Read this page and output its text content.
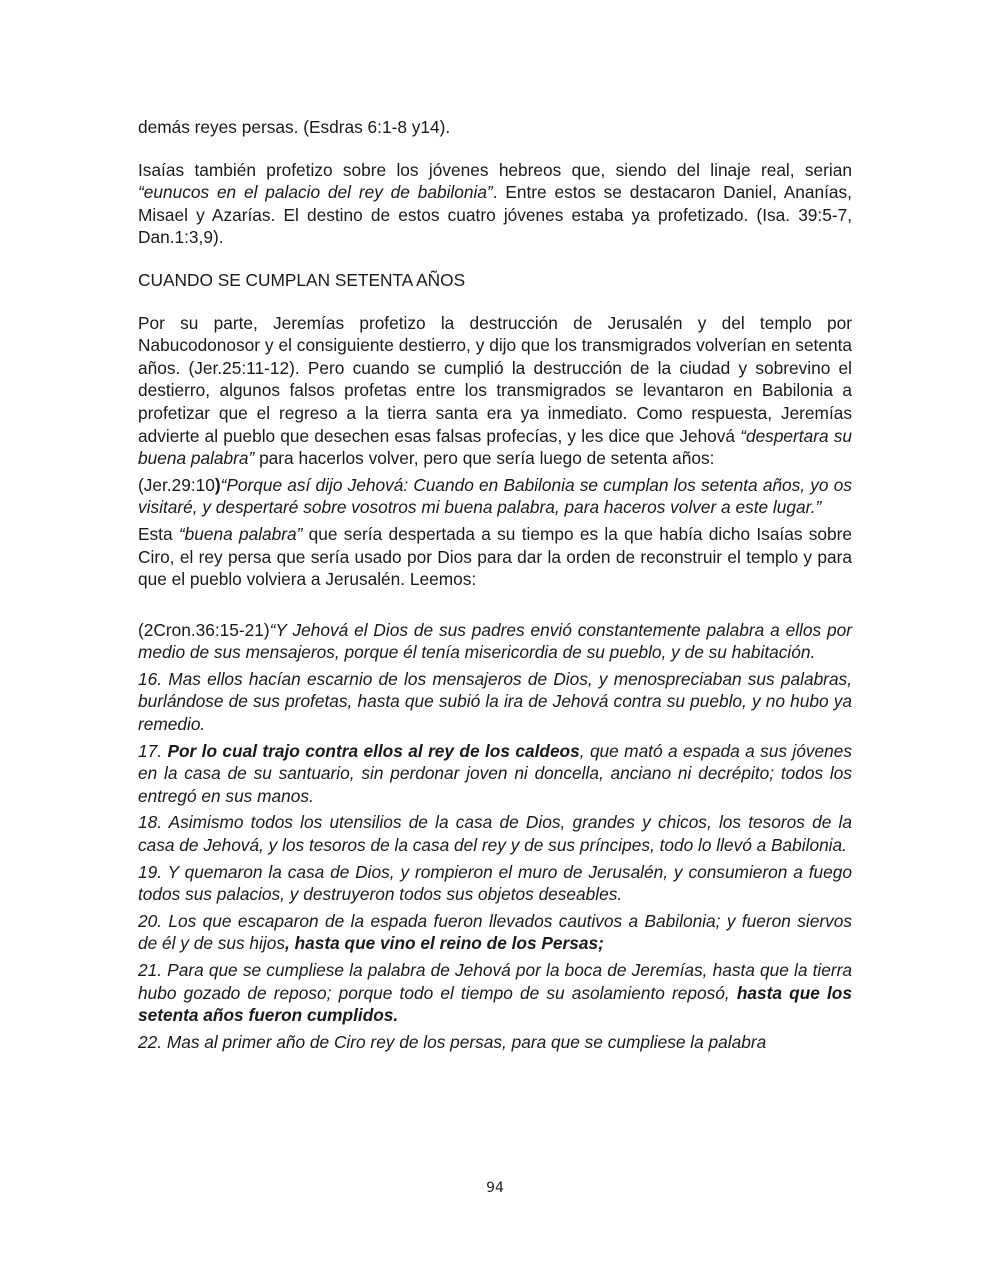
demás reyes persas. (Esdras 6:1-8 y14).

Isaías también profetizo sobre los jóvenes hebreos que, siendo del linaje real, serian “eunucos en el palacio del rey de babilonia”. Entre estos se destacaron Daniel, Ananías, Misael y Azarías. El destino de estos cuatro jóvenes estaba ya profetizado. (Isa. 39:5-7, Dan.1:3,9).

CUANDO SE CUMPLAN SETENTA AÑOS

Por su parte, Jeremías profetizo la destrucción de Jerusalén y del templo por Nabucodonosor y el consiguiente destierro, y dijo que los transmigrados volverían en setenta años. (Jer.25:11-12). Pero cuando se cumplió la destrucción de la ciudad y sobrevino el destierro, algunos falsos profetas entre los transmigrados se levantaron en Babilonia a profetizar que el regreso a la tierra santa era ya inmediato. Como respuesta, Jeremías advierte al pueblo que desechen esas falsas profecías, y les dice que Jehová “despertara su buena palabra” para hacerlos volver, pero que sería luego de setenta años:

(Jer.29:10)“Porque así dijo Jehová: Cuando en Babilonia se cumplan los setenta años, yo os visitaré, y despertaré sobre vosotros mi buena palabra, para haceros volver a este lugar.”

Esta “buena palabra” que sería despertada a su tiempo es la que había dicho Isaías sobre Ciro, el rey persa que sería usado por Dios para dar la orden de reconstruir el templo y para que el pueblo volviera a Jerusalén. Leemos:

(2Cron.36:15-21)“Y Jehová el Dios de sus padres envió constantemente palabra a ellos por medio de sus mensajeros, porque él tenía misericordia de su pueblo, y de su habitación.

16. Mas ellos hacían escarnio de los mensajeros de Dios, y menospreciaban sus palabras, burlándose de sus profetas, hasta que subió la ira de Jehová contra su pueblo, y no hubo ya remedio.

17. Por lo cual trajo contra ellos al rey de los caldeos, que mató a espada a sus jóvenes en la casa de su santuario, sin perdonar joven ni doncella, anciano ni decrépito; todos los entregó en sus manos.

18. Asimismo todos los utensilios de la casa de Dios, grandes y chicos, los tesoros de la casa de Jehová, y los tesoros de la casa del rey y de sus príncipes, todo lo llevó a Babilonia.

19. Y quemaron la casa de Dios, y rompieron el muro de Jerusalén, y consumieron a fuego todos sus palacios, y destruyeron todos sus objetos deseables.

20. Los que escaparon de la espada fueron llevados cautivos a Babilonia; y fueron siervos de él y de sus hijos, hasta que vino el reino de los Persas;

21. Para que se cumpliese la palabra de Jehová por la boca de Jeremías, hasta que la tierra hubo gozado de reposo; porque todo el tiempo de su asolamiento reposó, hasta que los setenta años fueron cumplidos.

22. Mas al primer año de Ciro rey de los persas, para que se cumpliese la palabra

94
